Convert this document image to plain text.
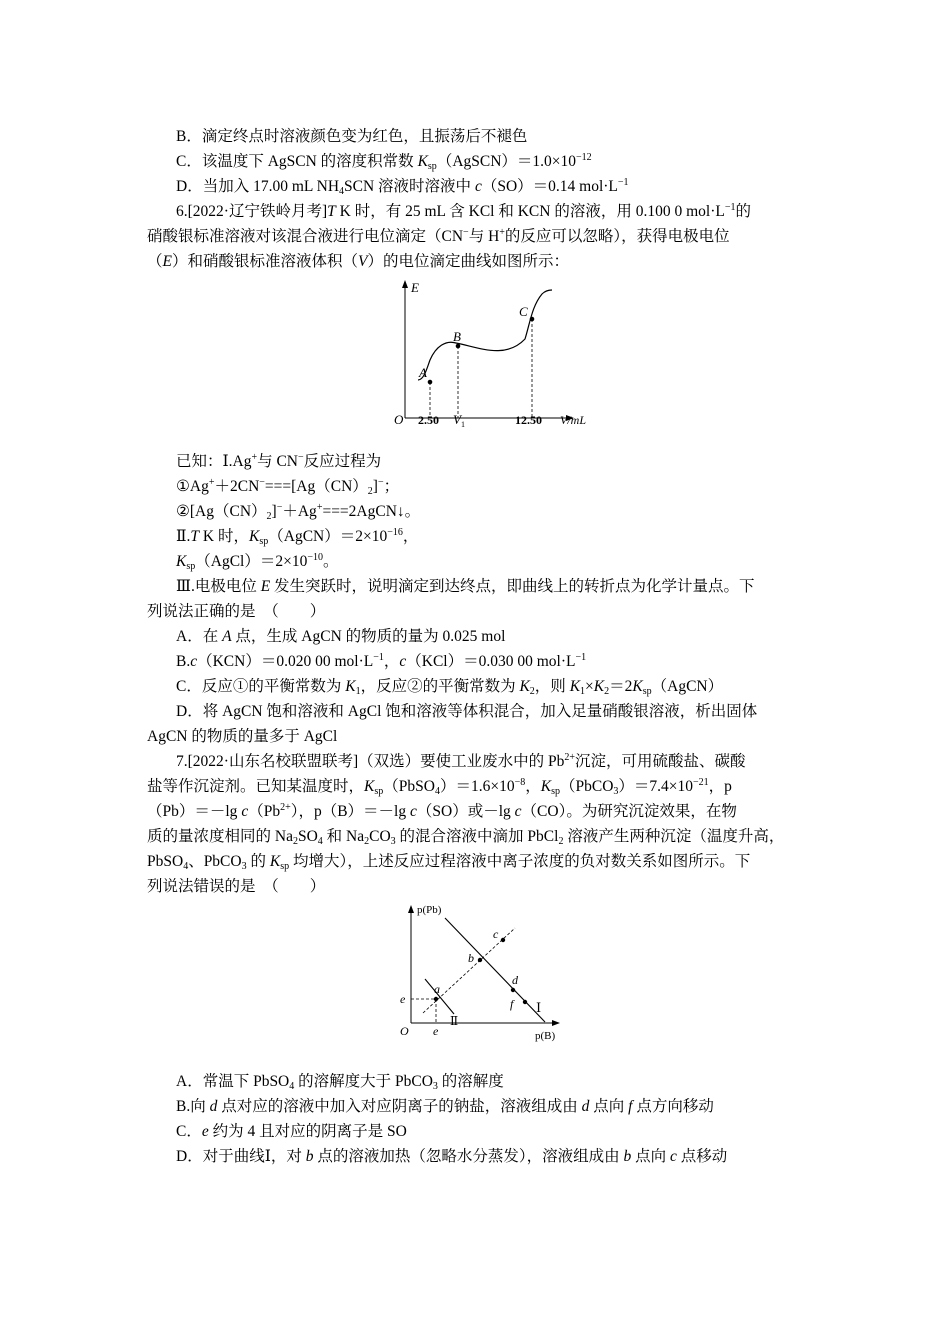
B．滴定终点时溶液颜色变为红色，且振荡后不褪色
C．该温度下 AgSCN 的溶度积常数 $K_{sp}(AgSCN)=1.0\times 10^{-12}$
D．当加入 17.00 mL $NH_4SCN$ 溶液时溶液中 c（SO）＝0.14 $mol\cdot L^{-1}$
6.[2022·辽宁铁岭月考]T K 时，有 25 mL 含 KCl 和 KCN 的溶液，用 0.100 0 $mol\cdot L^{-1}$的
硝酸银标准溶液对该混合液进行电位滴定（CN−与 H+的反应可以忽略），获得电极电位
（E）和硝酸银标准溶液体积（V）的电位滴定曲线如图所示：
E
A
B
C
O 2.50 $V_1$	12.50 V/mL
已知：Ⅰ.Ag+与 CN−反应过程为
$①Ag^++2CN^-===[Ag(CN)_2]^-$；
$②[Ag(CN)_2]^-+Ag^+===2AgCN↓$。
Ⅱ.T K 时，$K_{sp}(AgCN)=2\times 10^{-16}$，
$K_{sp}(AgCl)=2\times 10^{-10}$。
Ⅲ.电极电位 E 发生突跃时，说明滴定到达终点，即曲线上的转折点为化学计量点。下
列说法正确的是　（　　）
A．在 A 点，生成 AgCN 的物质的量为 0.025 mol
B.c（KCN）＝0.020 00 $mol\cdot L^{-1}$，c（KCl）＝0.030 00 $mol\cdot L^{-1}$
C．反应①的平衡常数为 $K_1$，反应②的平衡常数为 $K_2$，则 $K_1\times K_2=2K_{sp}(AgCN)$
D．将 AgCN 饱和溶液和 AgCl 饱和溶液等体积混合，加入足量硝酸银溶液，析出固体
AgCN 的物质的量多于 AgCl
7.[2022·山东名校联盟联考]（双选）要使工业废水中的 $Pb^{2+}$沉淀，可用硫酸盐、碳酸
盐等作沉淀剂。已知某温度时，$K_{sp}(PbSO_4)=1.6\times 10^{-8}$，$K_{sp}(PbCO_3)=7.4\times 10^{-21}$，p
（Pb）＝－lg $c(Pb^{2+})$，p（B）＝－lg c（SO）或－lg c（CO）。为研究沉淀效果，在物
质的量浓度相同的 $Na_2SO_4$ 和 $Na_2CO_3$ 的混合溶液中滴加 PbCl$_2$ 溶液产生两种沉淀（温度升高，
PbSO$_4$、PbCO$_3$ 的 $K_{sp}$ 均增大），上述反应过程溶液中离子浓度的负对数关系如图所示。下
列说法错误的是　（　　）
p(Pb)
p(B)
O
e
e
a
b
c
d
f Ⅰ
Ⅱ
A．常温下 PbSO$_4$ 的溶解度大于 PbCO$_3$ 的溶解度
B.向 d 点对应的溶液中加入对应阴离子的钠盐，溶液组成由 d 点向 f 点方向移动
C．e 约为 4 且对应的阴离子是 SO
D．对于曲线Ⅰ，对 b 点的溶液加热（忽略水分蒸发），溶液组成由 b 点向 c 点移动
